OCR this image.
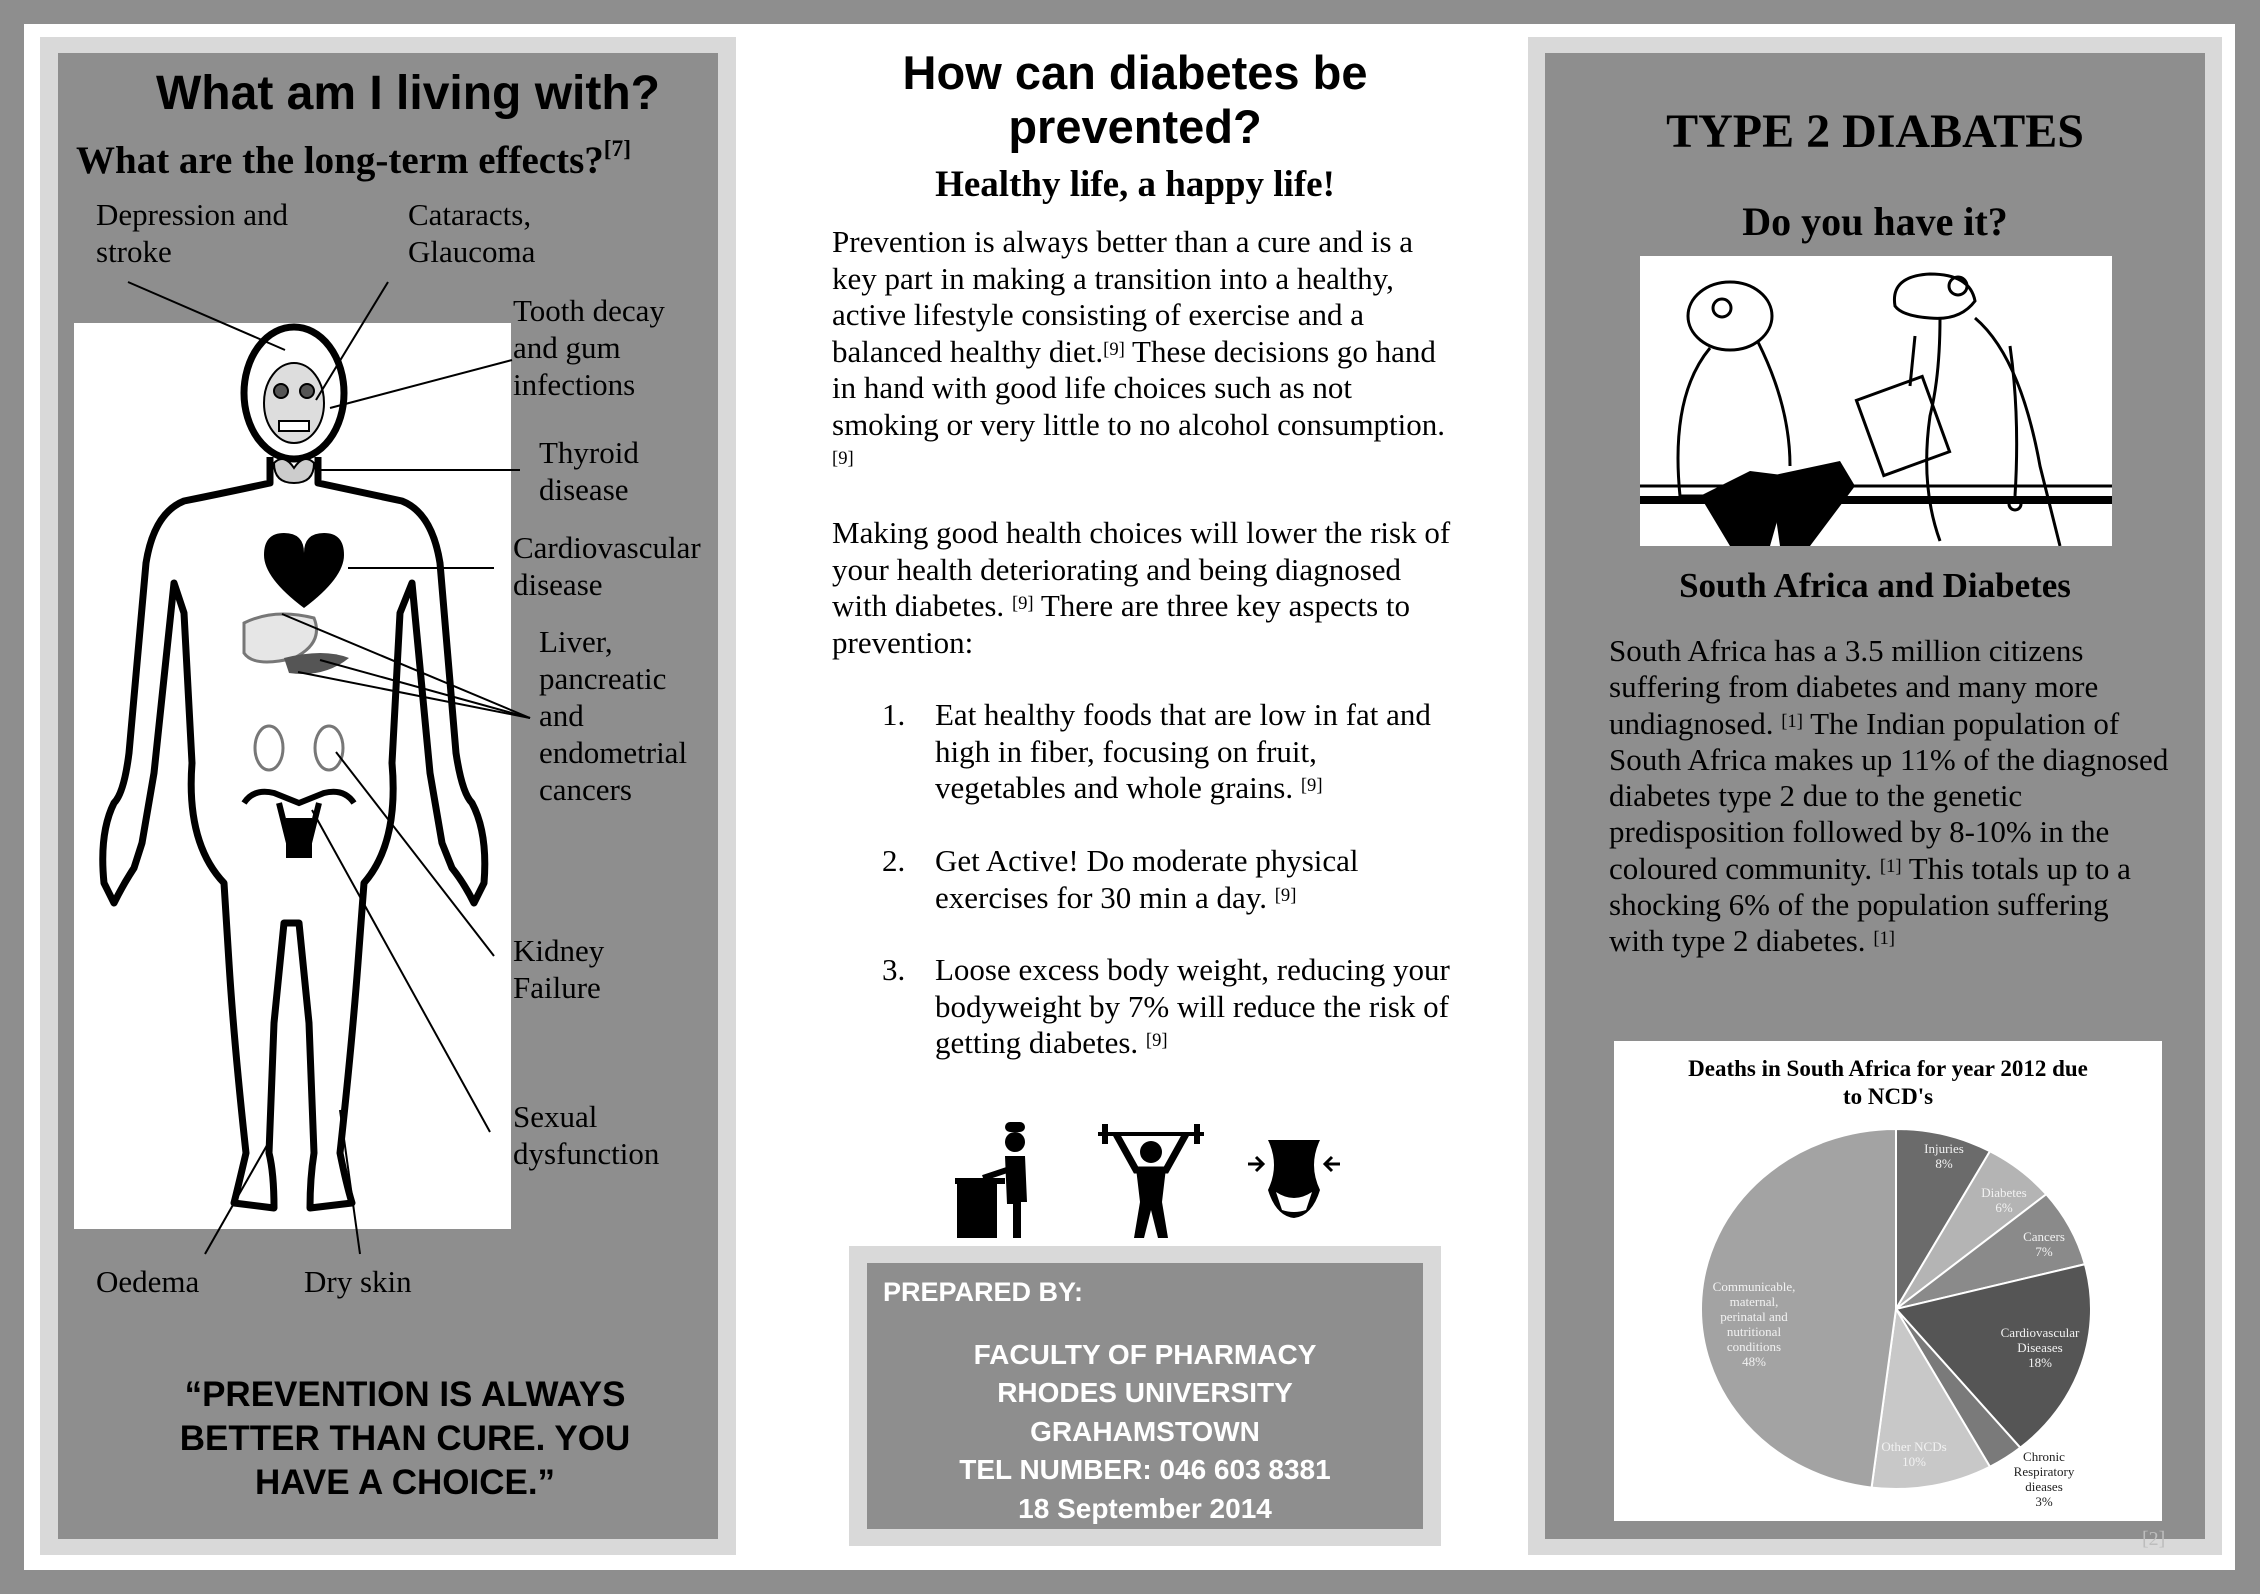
What am I living with?
What are the long-term effects?[7]
Depression and
stroke
Cataracts,
Glaucoma
Tooth decay
and gum
infections
Thyroid
disease
Cardiovascular
disease
Liver,
pancreatic
and
endometrial
cancers
Kidney
Failure
Sexual
dysfunction
Oedema	Dry skin
“PREVENTION IS ALWAYS
BETTER THAN CURE. YOU
HAVE A CHOICE.”
How can diabetes be
prevented?
Healthy life, a happy life!
Prevention is always better than a cure and is a key part in making a transition into a healthy, active lifestyle consisting of exercise and a balanced healthy diet.[9] These decisions go hand in hand with good life choices such as not smoking or very little to no alcohol consumption.[9]
Making good health choices will lower the risk of your health deteriorating and being diagnosed with diabetes. [9] There are three key aspects to prevention:
1. Eat healthy foods that are low in fat and high in fiber, focusing on fruit, vegetables and whole grains. [9]
2. Get Active! Do moderate physical exercises for 30 min a day. [9]
3. Loose excess body weight, reducing your bodyweight by 7% will reduce the risk of getting diabetes. [9]
PREPARED BY:
FACULTY OF PHARMACY
RHODES UNIVERSITY
GRAHAMSTOWN
TEL NUMBER: 046 603 8381
18 September 2014
TYPE 2 DIABATES
Do you have it?
South Africa and Diabetes
South Africa has a 3.5 million citizens suffering from diabetes and many more undiagnosed. [1] The Indian population of South Africa makes up 11% of the diagnosed diabetes type 2 due to the genetic predisposition followed by 8-10% in the coloured community. [1] This totals up to a shocking 6% of the population suffering with type 2 diabetes. [1]
Deaths in South Africa for year 2012 due
to NCD's
Injuries 8%
Diabetes 6%
Cancers 7%
Cardiovascular Diseases 18%
Chronic Respiratory dieases 3%
Other NCDs 10%
Communicable, maternal, perinatal and nutritional conditions 48%
[2]
